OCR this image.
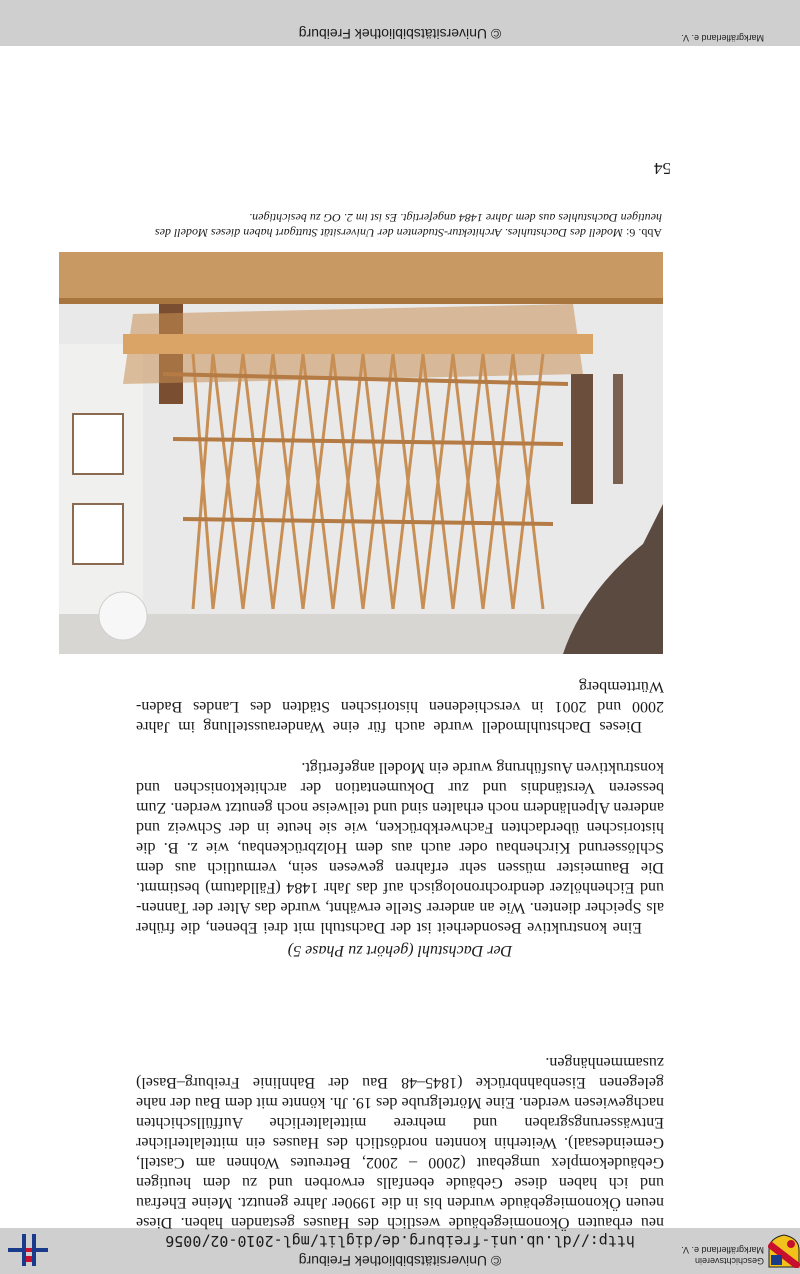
Geschichtsverein
Markgräflerland e. V.
© Universitätsbibliothek Freiburg
http://dl.ub.uni-freiburg.de/diglit/mgl-2010-02/0056
Markgräflerland e. V.
© Universitätsbibliothek Freiburg

neu erbauten Ökonomiegebäude westlich des Hauses gestanden haben. Diese neuen Ökonomiegebäude wurden bis in die 1990er Jahre genutzt. Meine Ehefrau und ich haben diese Gebäude ebenfalls erworben und zu dem heutigen Gebäudekomplex umgebaut (2000 – 2002, Betreutes Wohnen am Castell, Gemeindesaal). Weiterhin konnten nordöstlich des Hauses ein mittelalterlicher Entwässerungsgraben und mehrere mittelalterliche Auffüllschichten nachgewiesen werden. Eine Mörtelgrube des 19. Jh. könnte mit dem Bau der nahe gelegenen Eisenbahnbrücke (1845–48 Bau der Bahnlinie Freiburg–Basel) zusammenhängen.

Der Dachstuhl (gehört zu Phase 5)

Eine konstruktive Besonderheit ist der Dachstuhl mit drei Ebenen, die früher als Speicher dienten. Wie an anderer Stelle erwähnt, wurde das Alter der Tannen- und Eichenhölzer dendrochronologisch auf das Jahr 1484 (Fälldatum) bestimmt. Die Baumeister müssen sehr erfahren gewesen sein, vermutlich aus dem Schlösserund Kirchenbau oder auch aus dem Holzbrückenbau, wie z. B. die historischen überdachten Fachwerkbrücken, wie sie heute in der Schweiz und anderen Alpenländern noch erhalten sind und teilweise noch genutzt werden. Zum besseren Verständnis und zur Dokumentation der architektonischen und konstruktiven Ausführung wurde ein Modell angefertigt.

Dieses Dachstuhlmodell wurde auch für eine Wanderausstellung im Jahre 2000 und 2001 in verschiedenen historischen Städten des Landes Baden-Württemberg

Abb. 6: Modell des Dachstuhles. Architektur-Studenten der Universität Stuttgart haben dieses Modell des heutigen Dachstuhles aus dem Jahre 1484 angefertigt. Es ist im 2. OG zu besichtigen.
54
